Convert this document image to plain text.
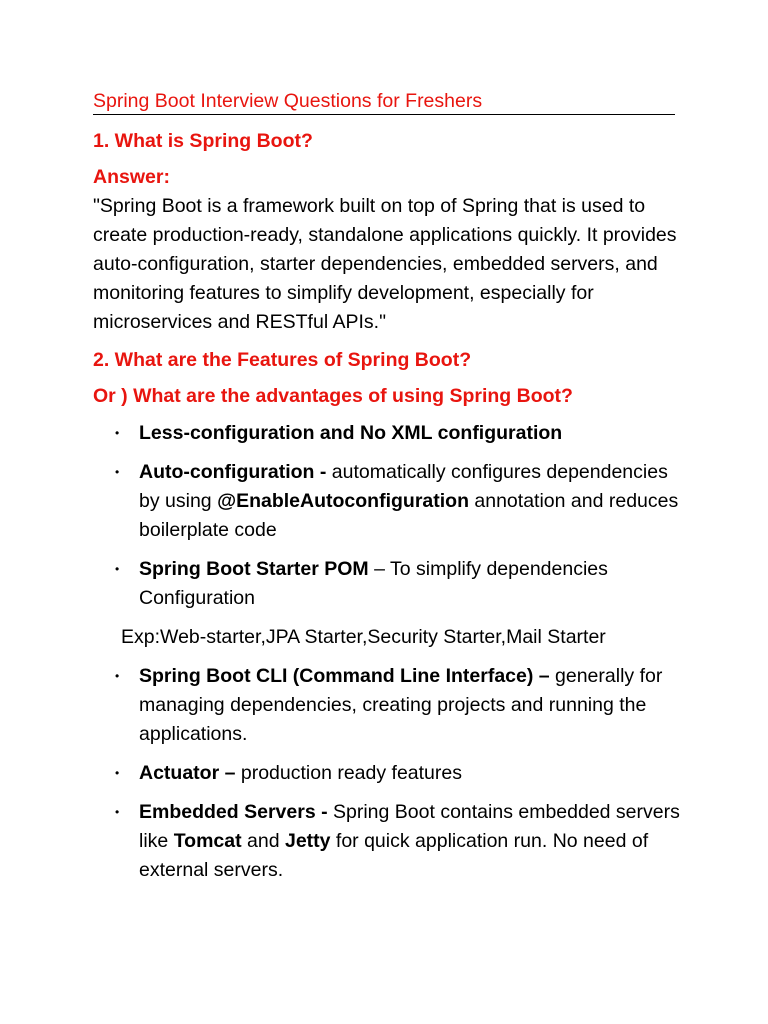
Spring Boot Interview Questions for Freshers
1. What is Spring Boot?
Answer:
"Spring Boot is a framework built on top of Spring that is used to create production-ready, standalone applications quickly. It provides auto-configuration, starter dependencies, embedded servers, and monitoring features to simplify development, especially for microservices and RESTful APIs."
2. What are the Features of Spring Boot?
Or ) What are the advantages of using Spring Boot?
• Less-configuration and No XML configuration
• Auto-configuration - automatically configures dependencies by using @EnableAutoconfiguration annotation and reduces boilerplate code
• Spring Boot Starter POM – To simplify dependencies Configuration
Exp:Web-starter,JPA Starter,Security Starter,Mail Starter
• Spring Boot CLI (Command Line Interface) – generally for managing dependencies, creating projects and running the applications.
• Actuator – production ready features
• Embedded Servers - Spring Boot contains embedded servers like Tomcat and Jetty for quick application run. No need of external servers.
